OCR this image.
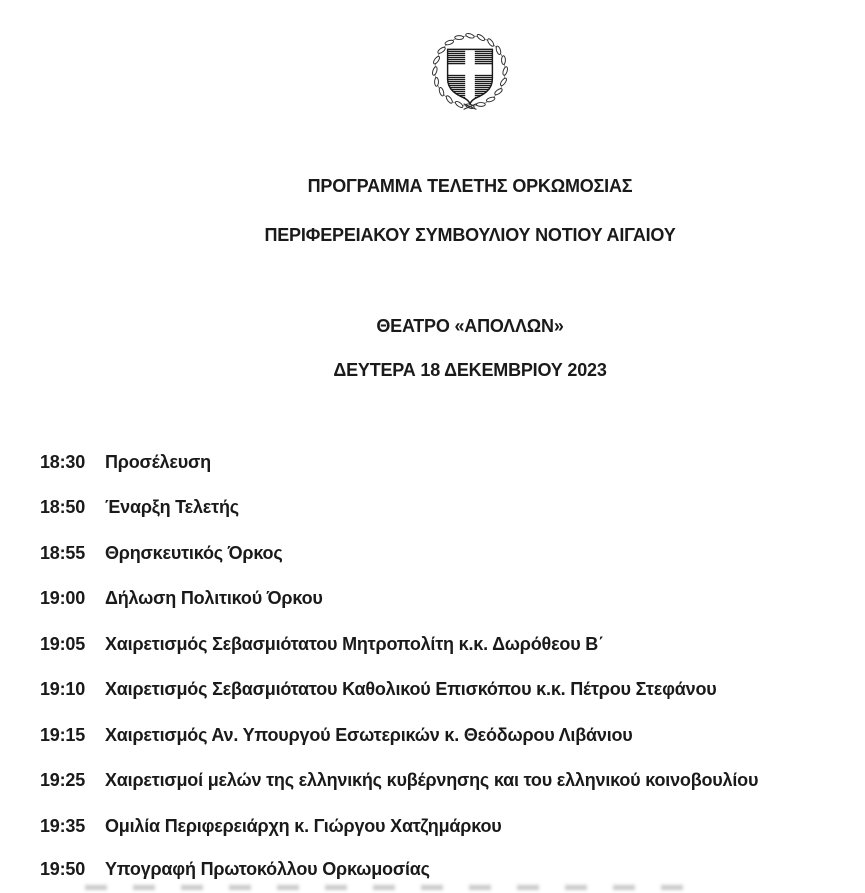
ΠΡΟΓΡΑΜΜΑ ΤΕΛΕΤΗΣ ΟΡΚΩΜΟΣΙΑΣ
ΠΕΡΙΦΕΡΕΙΑΚΟΥ ΣΥΜΒΟΥΛΙΟΥ ΝΟΤΙΟΥ ΑΙΓΑΙΟΥ
ΘΕΑΤΡΟ «ΑΠΟΛΛΩΝ»
ΔΕΥΤΕΡΑ 18 ΔΕΚΕΜΒΡΙΟΥ 2023
18:30 Προσέλευση
18:50 Έναρξη Τελετής
18:55 Θρησκευτικός Όρκος
19:00 Δήλωση Πολιτικού Όρκου
19:05 Χαιρετισμός Σεβασμιότατου Μητροπολίτη κ.κ. Δωρόθεου Β΄
19:10 Χαιρετισμός Σεβασμιότατου Καθολικού Επισκόπου κ.κ. Πέτρου Στεφάνου
19:15 Χαιρετισμός Αν. Υπουργού Εσωτερικών κ. Θεόδωρου Λιβάνιου
19:25 Χαιρετισμοί μελών της ελληνικής κυβέρνησης και του ελληνικού κοινοβουλίου
19:35 Ομιλία Περιφερειάρχη κ. Γιώργου Χατζημάρκου
19:50 Υπογραφή Πρωτοκόλλου Ορκωμοσίας
